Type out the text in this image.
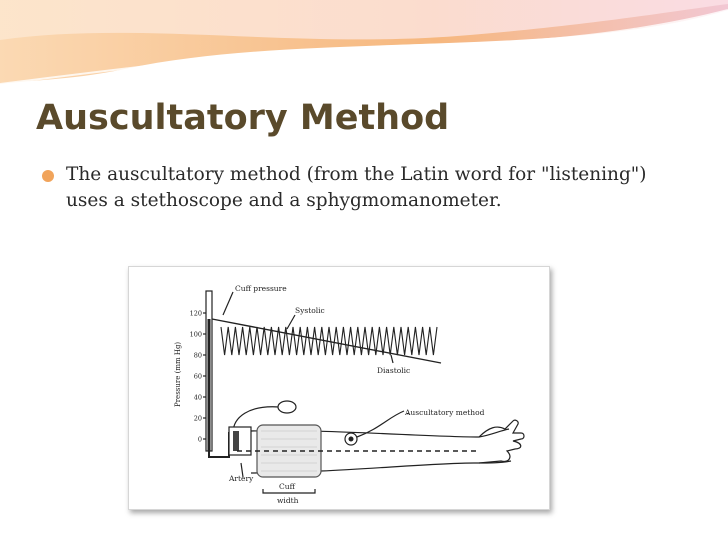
Auscultatory Method
The auscultatory method (from the Latin word for "listening") uses a stethoscope and a sphygmomanometer.
Cuff pressure
Systolic
Diastolic
Auscultatory method
Artery
Cuff
width
Pressure (mm Hg)
120
100
80
60
40
20
0
